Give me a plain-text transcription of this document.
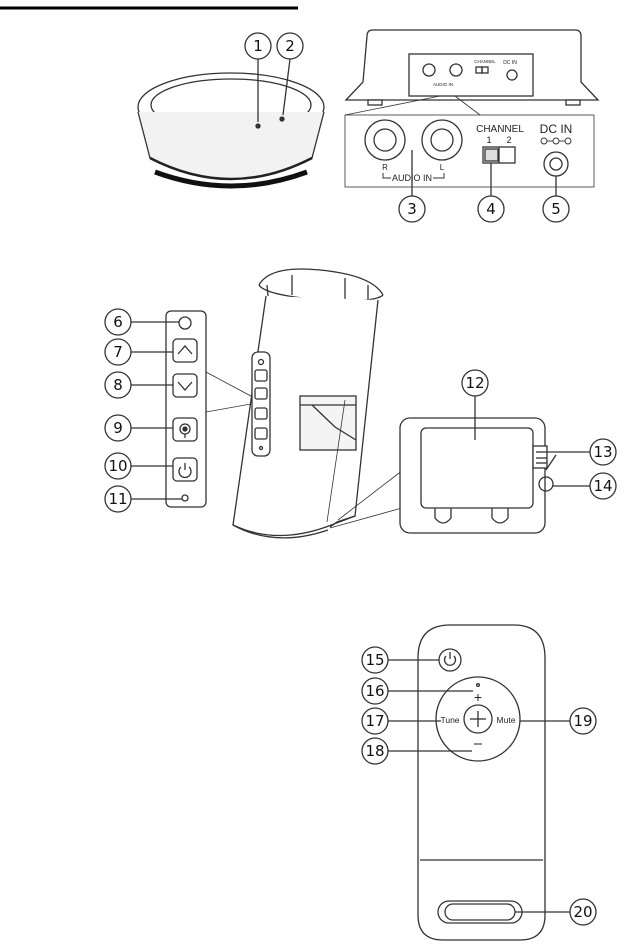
1 2
CHANNEL DC IN
AUDIO IN
R	L
AUDIO IN
CHANNEL
1 2
DC IN
3	4	5
6
7
8
9
10
11
12
13
14
+
–
Tune	Mute
15
16
17
18
19
20
